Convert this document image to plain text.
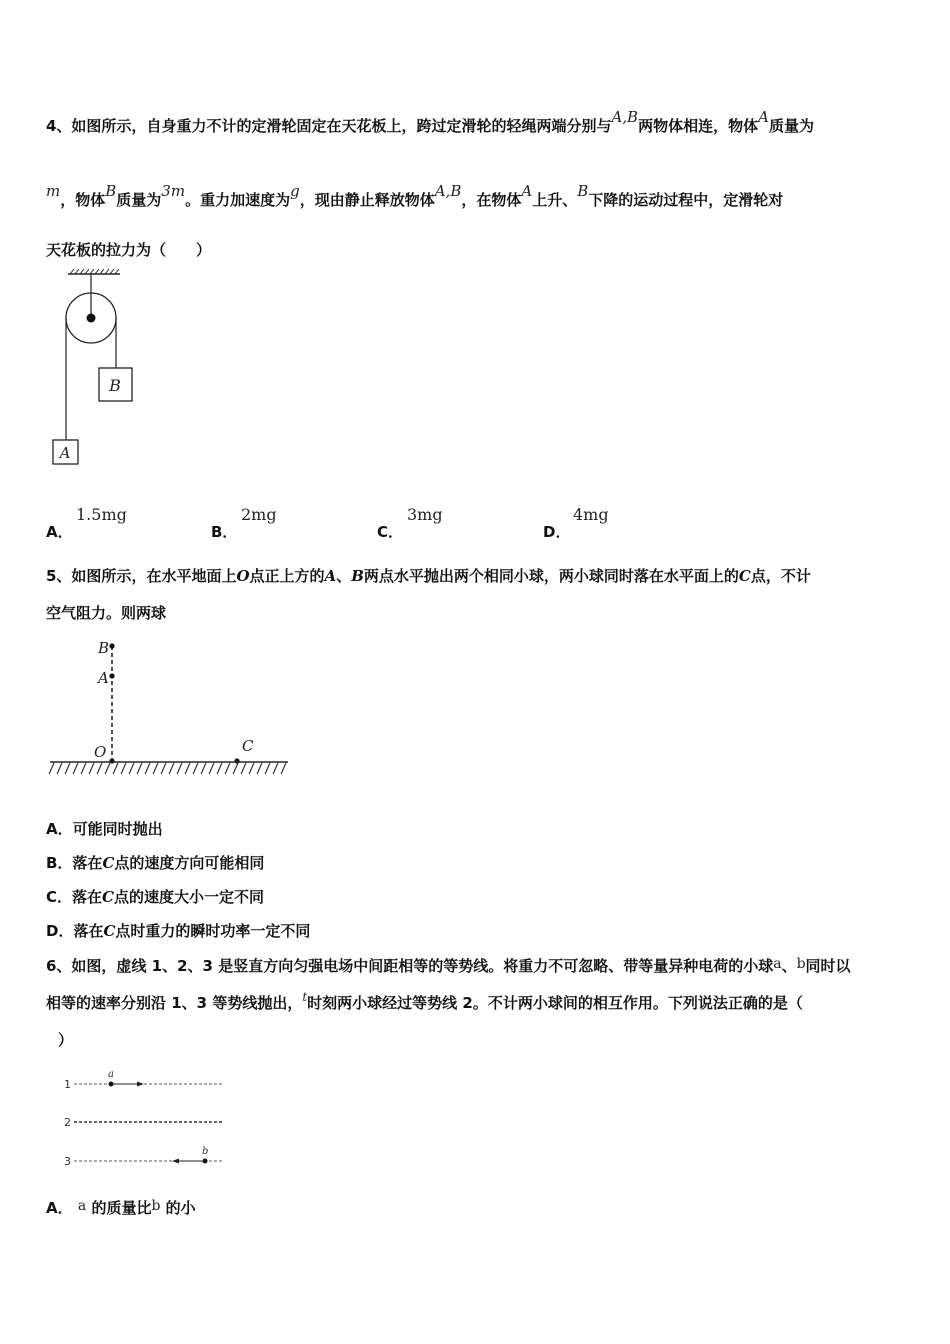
4、如图所示，自身重力不计的定滑轮固定在天花板上，跨过定滑轮的轻绳两端分别与A,B两物体相连，物体A质量为
m，物体B质量为3m。重力加速度为g，现由静止释放物体A,B，在物体A上升、B下降的运动过程中，定滑轮对
天花板的拉力为（　　）
B
A
A．
1.5mg
B．
2mg
C．
3mg
D．
4mg
5、如图所示，在水平地面上O点正上方的A、B两点水平抛出两个相同小球，两小球同时落在水平面上的C点，不计
空气阻力。则两球
B
A
O	C
A．可能同时抛出
B．落在C点的速度方向可能相同
C．落在C点的速度大小一定不同
D．落在C点时重力的瞬时功率一定不同
6、如图，虚线 1、2、3 是竖直方向匀强电场中间距相等的等势线。将重力不可忽略、带等量异种电荷的小球a、b同时以
相等的速率分别沿 1、3 等势线抛出，$^t$时刻两小球经过等势线 2。不计两小球间的相互作用。下列说法正确的是（
）
1
2
3
a
b
A． a 的质量比b 的小
